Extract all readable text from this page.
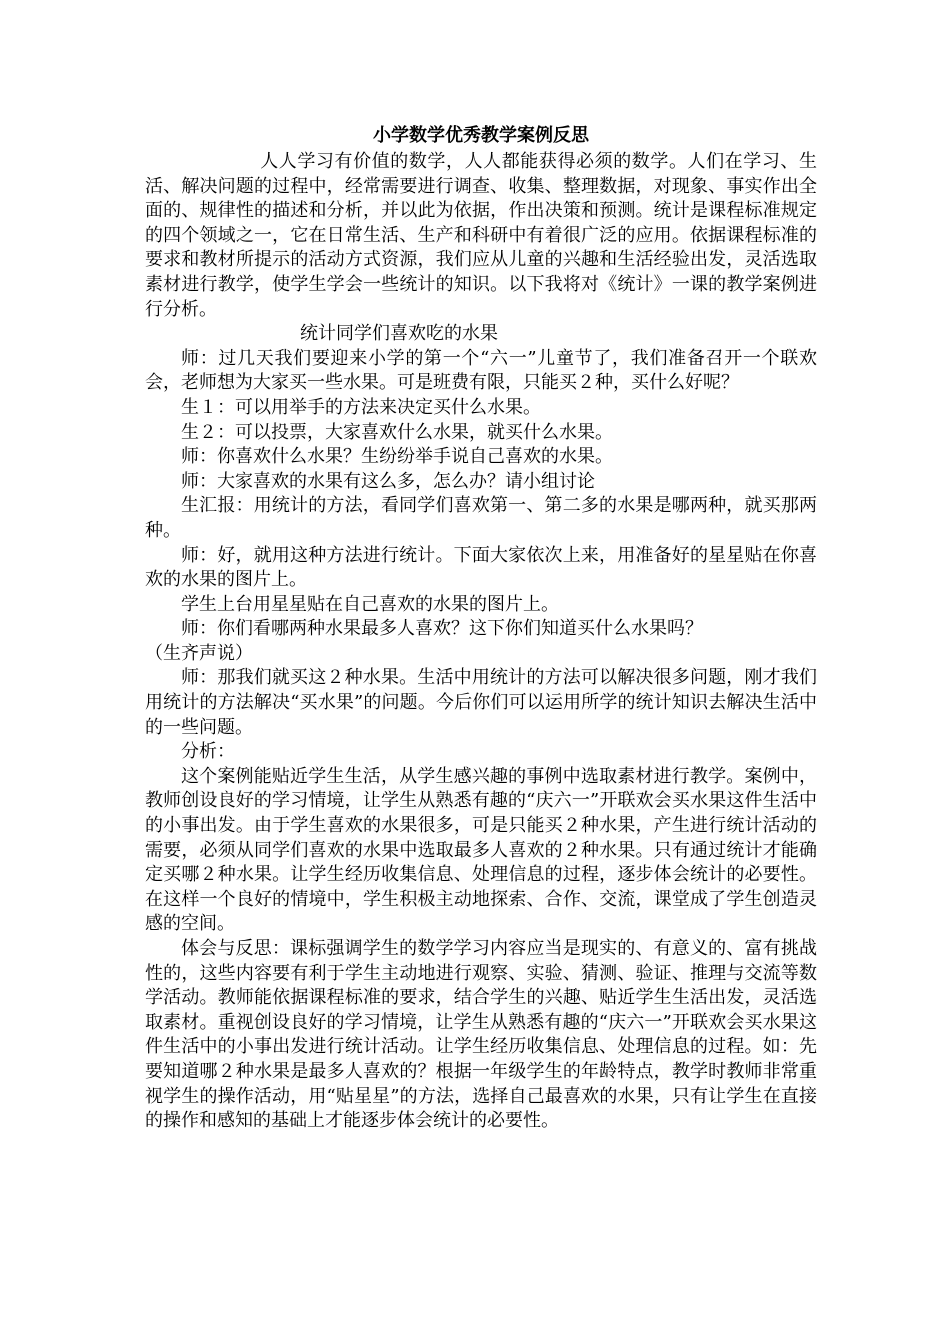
小学数学优秀教学案例反思

人人学习有价值的数学，人人都能获得必须的数学。人们在学习、生活、解决问题的过程中，经常需要进行调查、收集、整理数据，对现象、事实作出全面的、规律性的描述和分析，并以此为依据，作出决策和预测。统计是课程标准规定的四个领域之一，它在日常生活、生产和科研中有着很广泛的应用。依据课程标准的要求和教材所提示的活动方式资源，我们应从儿童的兴趣和生活经验出发，灵活选取素材进行教学，使学生学会一些统计的知识。以下我将对《统计》一课的教学案例进行分析。

统计同学们喜欢吃的水果

师：过几天我们要迎来小学的第一个“六一”儿童节了，我们准备召开一个联欢会，老师想为大家买一些水果。可是班费有限，只能买２种，买什么好呢？

生１：可以用举手的方法来决定买什么水果。

生２：可以投票，大家喜欢什么水果，就买什么水果。

师：你喜欢什么水果？生纷纷举手说自己喜欢的水果。

师：大家喜欢的水果有这么多，怎么办？请小组讨论

生汇报：用统计的方法，看同学们喜欢第一、第二多的水果是哪两种，就买那两种。

师：好，就用这种方法进行统计。下面大家依次上来，用准备好的星星贴在你喜欢的水果的图片上。

学生上台用星星贴在自己喜欢的水果的图片上。

师：你们看哪两种水果最多人喜欢？这下你们知道买什么水果吗？

（生齐声说）

师：那我们就买这２种水果。生活中用统计的方法可以解决很多问题，刚才我们用统计的方法解决“买水果”的问题。今后你们可以运用所学的统计知识去解决生活中的一些问题。

分析：

这个案例能贴近学生生活，从学生感兴趣的事例中选取素材进行教学。案例中，教师创设良好的学习情境，让学生从熟悉有趣的“庆六一”开联欢会买水果这件生活中的小事出发。由于学生喜欢的水果很多，可是只能买２种水果，产生进行统计活动的需要，必须从同学们喜欢的水果中选取最多人喜欢的２种水果。只有通过统计才能确定买哪２种水果。让学生经历收集信息、处理信息的过程，逐步体会统计的必要性。在这样一个良好的情境中，学生积极主动地探索、合作、交流，课堂成了学生创造灵感的空间。

体会与反思：课标强调学生的数学学习内容应当是现实的、有意义的、富有挑战性的，这些内容要有利于学生主动地进行观察、实验、猜测、验证、推理与交流等数学活动。教师能依据课程标准的要求，结合学生的兴趣、贴近学生生活出发，灵活选取素材。重视创设良好的学习情境，让学生从熟悉有趣的“庆六一”开联欢会买水果这件生活中的小事出发进行统计活动。让学生经历收集信息、处理信息的过程。如：先要知道哪２种水果是最多人喜欢的？根据一年级学生的年龄特点，教学时教师非常重视学生的操作活动，用“贴星星”的方法，选择自己最喜欢的水果，只有让学生在直接的操作和感知的基础上才能逐步体会统计的必要性。
